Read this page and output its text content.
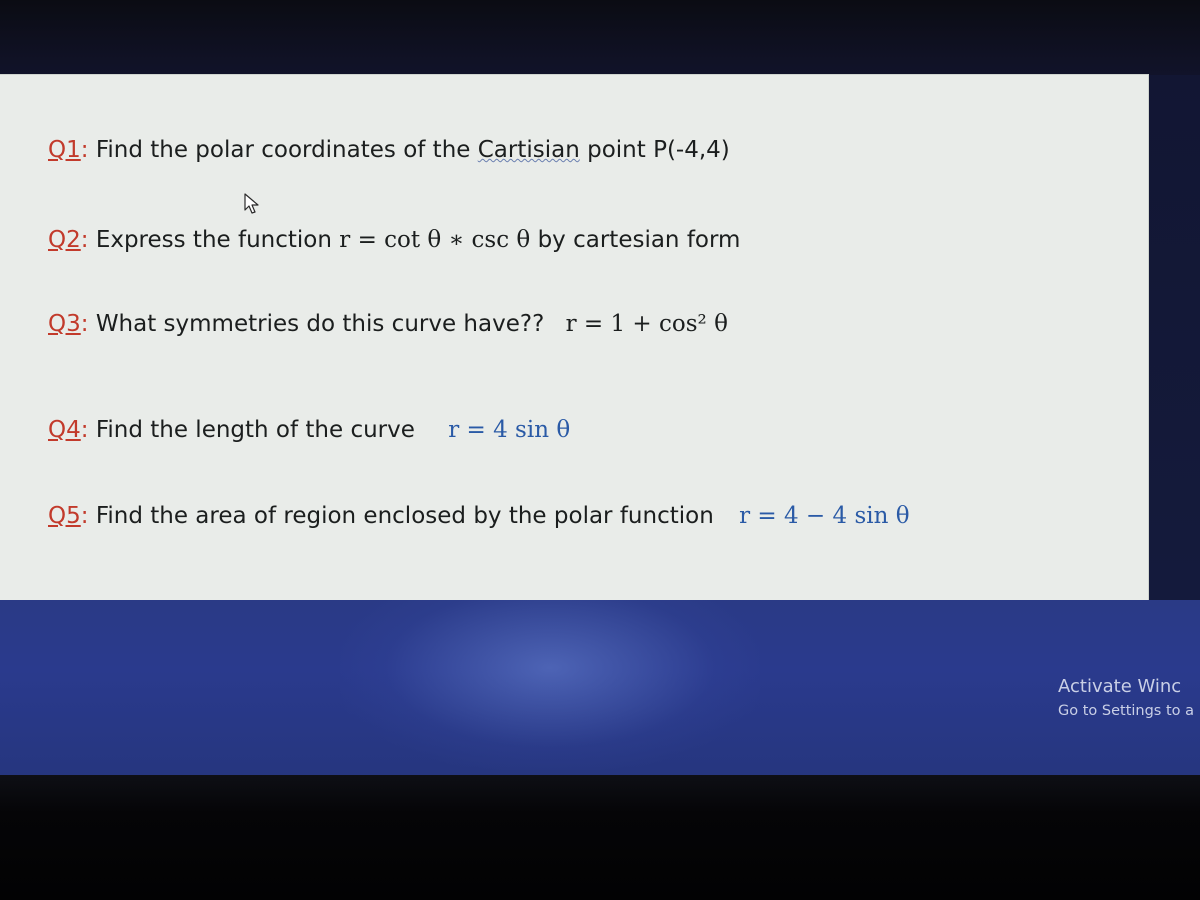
Q1: Find the polar coordinates of the Cartisian point P(-4,4)
Q2: Express the function r = cot θ ∗ csc θ by cartesian form
Q3: What symmetries do this curve have?? r = 1 + cos² θ
Q4: Find the length of the curve r = 4 sin θ
Q5: Find the area of region enclosed by the polar function r = 4 − 4 sin θ
Activate Winc
Go to Settings to a
